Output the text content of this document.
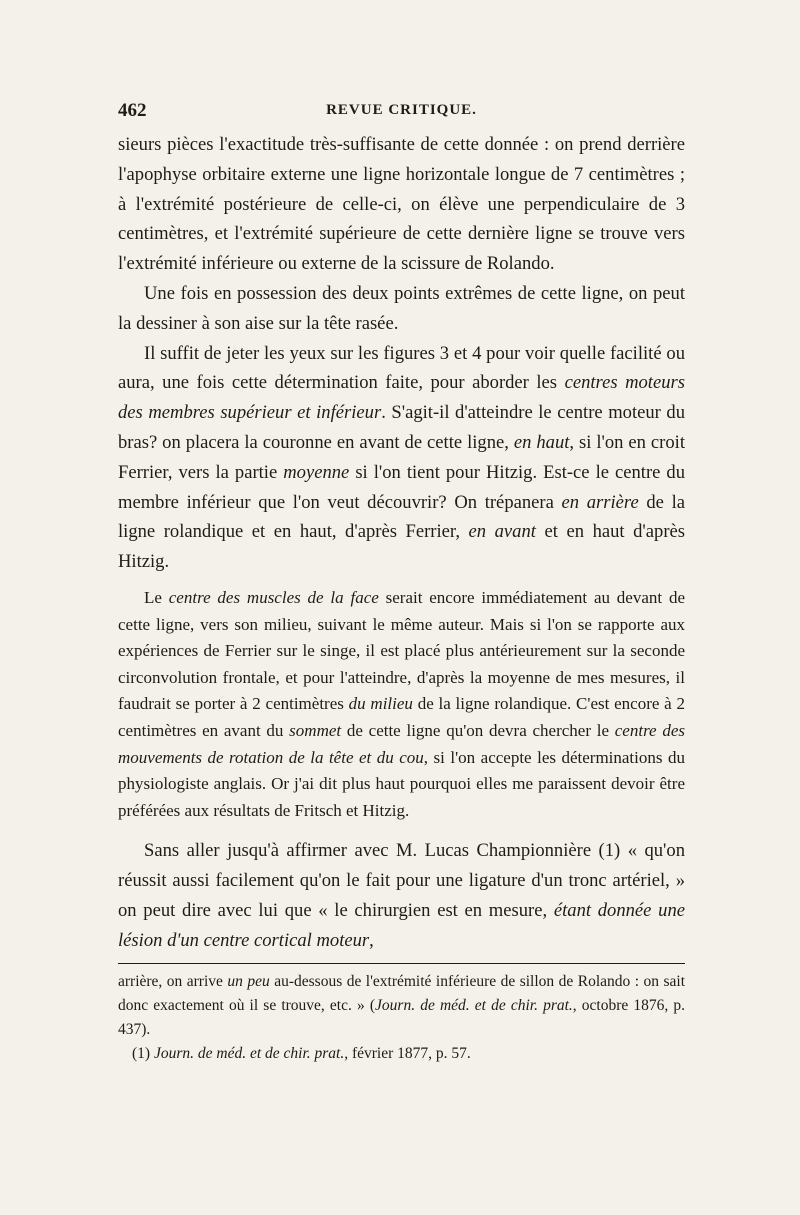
462	REVUE CRITIQUE.

sieurs pièces l'exactitude très-suffisante de cette donnée : on prend derrière l'apophyse orbitaire externe une ligne horizontale longue de 7 centimètres ; à l'extrémité postérieure de celle-ci, on élève une perpendiculaire de 3 centimètres, et l'extrémité supérieure de cette dernière ligne se trouve vers l'extrémité inférieure ou externe de la scissure de Rolando.

Une fois en possession des deux points extrêmes de cette ligne, on peut la dessiner à son aise sur la tête rasée.

Il suffit de jeter les yeux sur les figures 3 et 4 pour voir quelle facilité ou aura, une fois cette détermination faite, pour aborder les centres moteurs des membres supérieur et inférieur. S'agit-il d'atteindre le centre moteur du bras? on placera la couronne en avant de cette ligne, en haut, si l'on en croit Ferrier, vers la partie moyenne si l'on tient pour Hitzig. Est-ce le centre du membre inférieur que l'on veut découvrir? On trépanera en arrière de la ligne rolandique et en haut, d'après Ferrier, en avant et en haut d'après Hitzig.

Le centre des muscles de la face serait encore immédiatement au devant de cette ligne, vers son milieu, suivant le même auteur. Mais si l'on se rapporte aux expériences de Ferrier sur le singe, il est placé plus antérieurement sur la seconde circonvolution frontale, et pour l'atteindre, d'après la moyenne de mes mesures, il faudrait se porter à 2 centimètres du milieu de la ligne rolandique. C'est encore à 2 centimètres en avant du sommet de cette ligne qu'on devra chercher le centre des mouvements de rotation de la tête et du cou, si l'on accepte les déterminations du physiologiste anglais. Or j'ai dit plus haut pourquoi elles me paraissent devoir être préférées aux résultats de Fritsch et Hitzig.

Sans aller jusqu'à affirmer avec M. Lucas Championnière (1) « qu'on réussit aussi facilement qu'on le fait pour une ligature d'un tronc artériel, » on peut dire avec lui que « le chirurgien est en mesure, étant donnée une lésion d'un centre cortical moteur,

arrière, on arrive un peu au-dessous de l'extrémité inférieure de sillon de Rolando : on sait donc exactement où il se trouve, etc. » (Journ. de méd. et de chir. prat., octobre 1876, p. 437).

(1) Journ. de méd. et de chir. prat., février 1877, p. 57.
